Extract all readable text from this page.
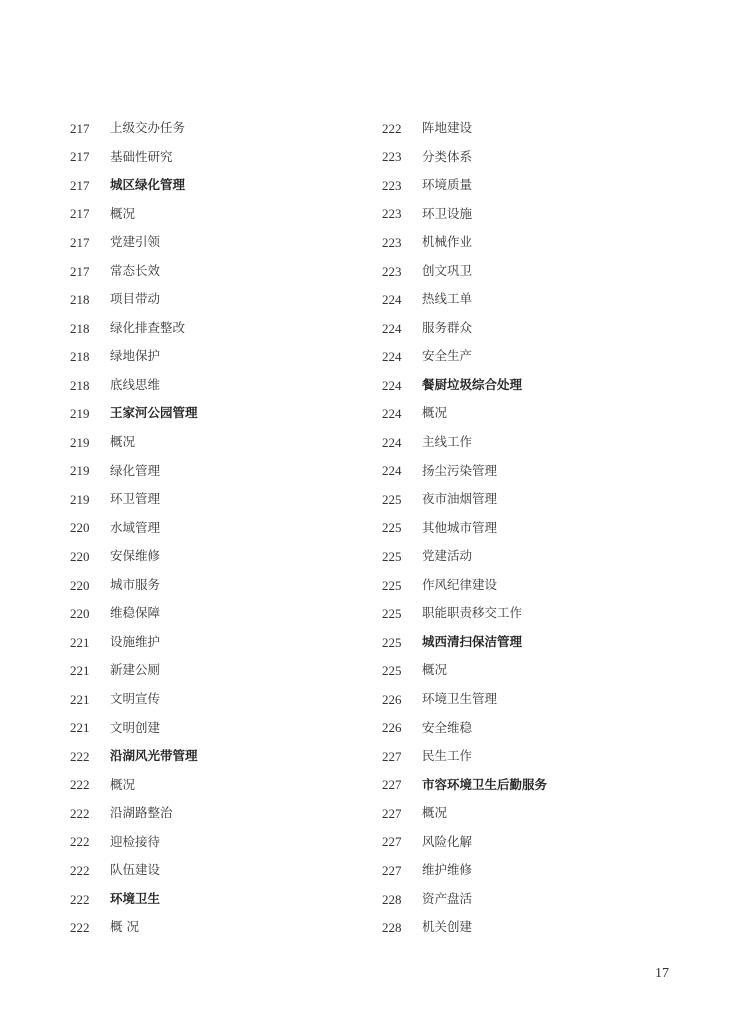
217	上级交办任务
217	基础性研究
217	城区绿化管理
217	概况
217	党建引领
217	常态长效
218	项目带动
218	绿化排查整改
218	绿地保护
218	底线思维
219	王家河公园管理
219	概况
219	绿化管理
219	环卫管理
220	水域管理
220	安保维修
220	城市服务
220	维稳保障
221	设施维护
221	新建公厕
221	文明宣传
221	文明创建
222	沿湖风光带管理
222	概况
222	沿湖路整治
222	迎检接待
222	队伍建设
222	环境卫生
222	概 况
222	阵地建设
223	分类体系
223	环境质量
223	环卫设施
223	机械作业
223	创文巩卫
224	热线工单
224	服务群众
224	安全生产
224	餐厨垃圾综合处理
224	概况
224	主线工作
224	扬尘污染管理
225	夜市油烟管理
225	其他城市管理
225	党建活动
225	作风纪律建设
225	职能职责移交工作
225	城西清扫保洁管理
225	概况
226	环境卫生管理
226	安全维稳
227	民生工作
227	市容环境卫生后勤服务
227	概况
227	风险化解
227	维护维修
228	资产盘活
228	机关创建
17
